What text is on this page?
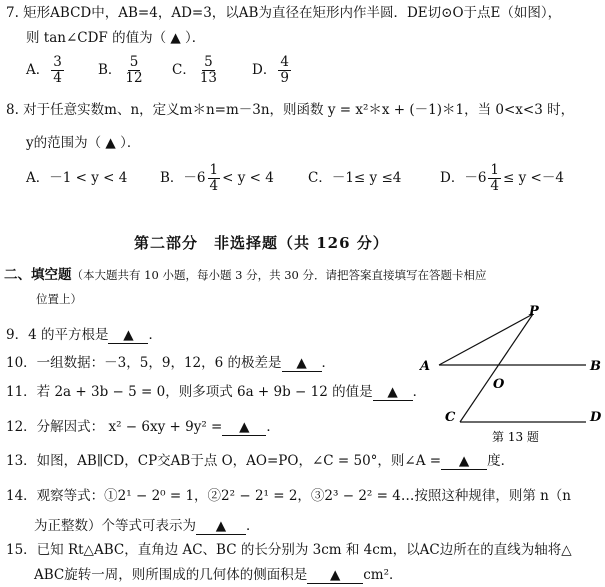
7. 矩形ABCD中，AB=4，AD=3，以AB为直径在矩形内作半圆．DE切⊙O于点E（如图），
则 tan∠CDF 的值为（ ▲ ）．
A． $\frac{3}{4}$	B． $\frac{5}{12}$ C． $\frac{5}{13}$ D． $\frac{4}{9}$
8. 对于任意实数m、n，定义m＊n=m－3n，则函数 y = x²＊x + (－1)＊1，当 0<x<3 时，
y的范围为（ ▲ ）．
A．－1 < y < 4	B．$-6 \frac{1}{4} < y < 4$	C．－1≤ y ≤4	D．$-6 \frac{1}{4} \le y <-4$
第二部分　非选择题（共 126 分）
二、填空题（本大题共有 10 小题，每小题 3 分，共 30 分．请把答案直接填写在答题卡相应
位置上）
9．4 的平方根是 ▲ ．
10．一组数据：－3，5，9，12，6 的极差是 ▲ ．
11．若 2a + 3b − 5 = 0，则多项式 6a + 9b − 12 的值是 ▲ ．
12．分解因式： x² − 6xy + 9y² = ▲ ．
13．如图，AB∥CD，CP交AB于点 O，AO=PO，∠C = 50°，则∠A = ▲ 度．
14．观察等式：①2¹ − 2⁰ = 1，②2² − 2¹ = 2，③2³ − 2² = 4…按照这种规律，则第 n（n
为正整数）个等式可表示为 ▲ ．
15．已知 Rt△ABC，直角边 AC、BC 的长分别为 3cm 和 4cm，以AC边所在的直线为轴将△
ABC旋转一周，则所围成的几何体的侧面积是 ▲ cm²．
P
A	B
O
C	D
第 13 题
